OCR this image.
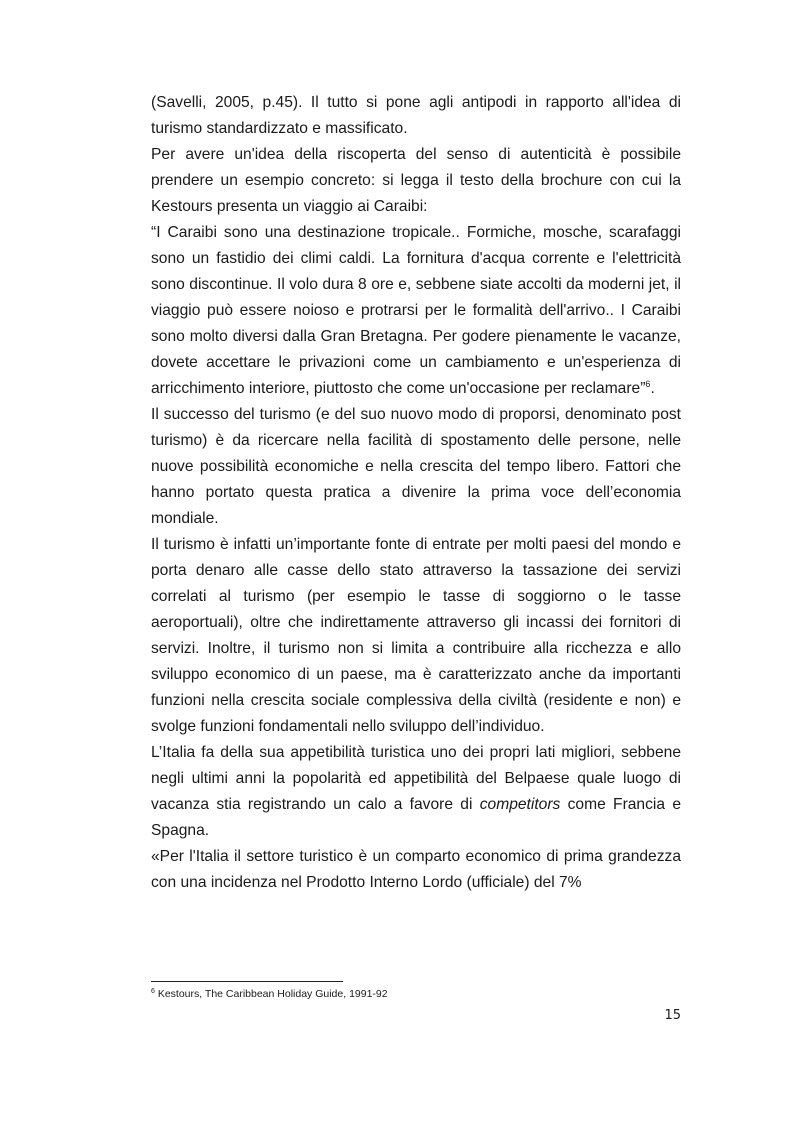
(Savelli, 2005, p.45). Il tutto si pone agli antipodi in rapporto all'idea di turismo standardizzato e massificato.

Per avere un'idea della riscoperta del senso di autenticità è possibile prendere un esempio concreto: si legga il testo della brochure con cui la Kestours presenta un viaggio ai Caraibi:

“I Caraibi sono una destinazione tropicale.. Formiche, mosche, scarafaggi sono un fastidio dei climi caldi. La fornitura d'acqua corrente e l'elettricità sono discontinue. Il volo dura 8 ore e, sebbene siate accolti da moderni jet, il viaggio può essere noioso e protrarsi per le formalità dell'arrivo.. I Caraibi sono molto diversi dalla Gran Bretagna. Per godere pienamente le vacanze, dovete accettare le privazioni come un cambiamento e un'esperienza di arricchimento interiore, piuttosto che come un'occasione per reclamare”$^6$.

Il successo del turismo (e del suo nuovo modo di proporsi, denominato post turismo) è da ricercare nella facilità di spostamento delle persone, nelle nuove possibilità economiche e nella crescita del tempo libero. Fattori che hanno portato questa pratica a divenire la prima voce dell’economia mondiale.

Il turismo è infatti un’importante fonte di entrate per molti paesi del mondo e porta denaro alle casse dello stato attraverso la tassazione dei servizi correlati al turismo (per esempio le tasse di soggiorno o le tasse aeroportuali), oltre che indirettamente attraverso gli incassi dei fornitori di servizi. Inoltre, il turismo non si limita a contribuire alla ricchezza e allo sviluppo economico di un paese, ma è caratterizzato anche da importanti funzioni nella crescita sociale complessiva della civiltà (residente e non) e svolge funzioni fondamentali nello sviluppo dell’individuo.

L’Italia fa della sua appetibilità turistica uno dei propri lati migliori, sebbene negli ultimi anni la popolarità ed appetibilità del Belpaese quale luogo di vacanza stia registrando un calo a favore di competitors come Francia e Spagna.

«Per l'Italia il settore turistico è un comparto economico di prima grandezza con una incidenza nel Prodotto Interno Lordo (ufficiale) del 7%

$^6$ Kestours, The Caribbean Holiday Guide, 1991-92
15
